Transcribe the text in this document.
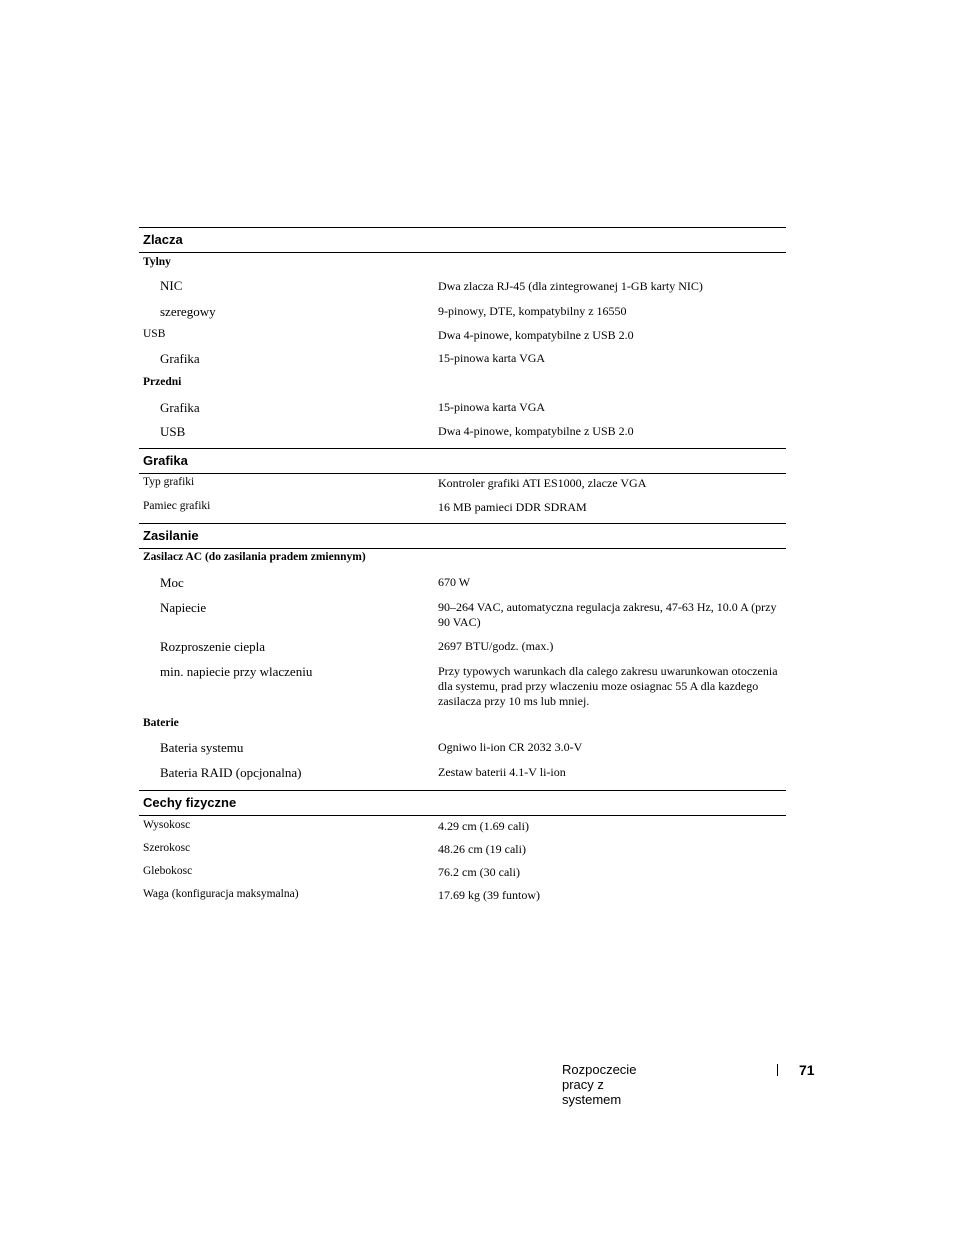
Zlacza
Tylny
NIC	Dwa zlacza RJ-45 (dla zintegrowanej 1-GB karty NIC)
szeregowy	9-pinowy, DTE, kompatybilny z 16550
USB	Dwa 4-pinowe, kompatybilne z USB 2.0
Grafika	15-pinowa karta VGA
Przedni
Grafika	15-pinowa karta VGA
USB	Dwa 4-pinowe, kompatybilne z USB 2.0
Grafika
Typ grafiki	Kontroler grafiki ATI ES1000, zlacze VGA
Pamiec grafiki	16 MB pamieci DDR SDRAM
Zasilanie
Zasilacz AC (do zasilania pradem zmiennym)
Moc	670 W
Napiecie	90–264 VAC, automatyczna regulacja zakresu, 47-63 Hz, 10.0 A (przy 90 VAC)
Rozproszenie ciepla	2697 BTU/godz. (max.)
min. napiecie przy wlaczeniu	Przy typowych warunkach dla calego zakresu uwarunkowan otoczenia dla systemu, prad przy wlaczeniu moze osiagnac 55 A dla kazdego zasilacza przy 10 ms lub mniej.
Baterie
Bateria systemu	Ogniwo li-ion CR 2032 3.0-V
Bateria RAID (opcjonalna)	Zestaw baterii 4.1-V li-ion
Cechy fizyczne
Wysokosc	4.29 cm (1.69 cali)
Szerokosc	48.26 cm (19 cali)
Glebokosc	76.2 cm (30 cali)
Waga (konfiguracja maksymalna)	17.69 kg (39 funtow)
Rozpoczecie pracy z systemem
71
